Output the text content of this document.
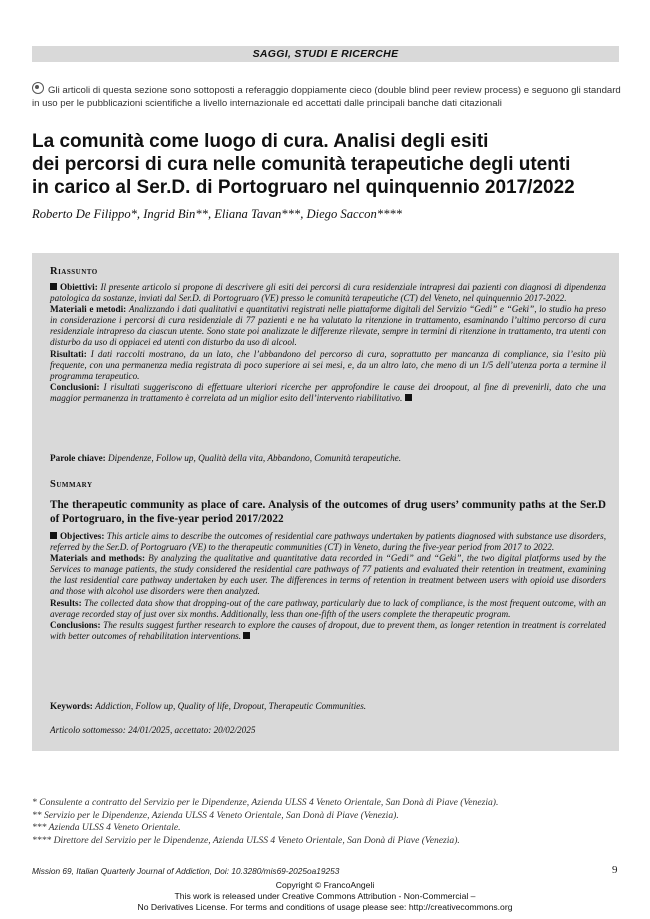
SAGGI, STUDI E RICERCHE
Gli articoli di questa sezione sono sottoposti a referaggio doppiamente cieco (double blind peer review process) e seguono gli standard in uso per le pubblicazioni scientifiche a livello internazionale ed accettati dalle principali banche dati citazionali
La comunità come luogo di cura. Analisi degli esiti
dei percorsi di cura nelle comunità terapeutiche degli utenti
in carico al Ser.D. di Portogruaro nel quinquennio 2017/2022
Roberto De Filippo*, Ingrid Bin**, Eliana Tavan***, Diego Saccon****
Riassunto
Obiettivi: Il presente articolo si propone di descrivere gli esiti dei percorsi di cura residenziale intrapresi dai pazienti con diagnosi di dipendenza patologica da sostanze, inviati dal Ser.D. di Portogruaro (VE) presso le comunità terapeutiche (CT) del Veneto, nel quinquennio 2017-2022.
Materiali e metodi: Analizzando i dati qualitativi e quantitativi registrati nelle piattaforme digitali del Servizio “Gedi” e “Geki”, lo studio ha preso in considerazione i percorsi di cura residenziale di 77 pazienti e ne ha valutato la ritenzione in trattamento, esaminando l’ultimo percorso di cura residenziale intrapreso da ciascun utente. Sono state poi analizzate le differenze rilevate, sempre in termini di ritenzione in trattamento, tra utenti con disturbo da uso di oppiacei ed utenti con disturbo da uso di alcool.
Risultati: I dati raccolti mostrano, da un lato, che l’abbandono del percorso di cura, soprattutto per mancanza di compliance, sia l’esito più frequente, con una permanenza media registrata di poco superiore ai sei mesi, e, da un altro lato, che meno di un 1/5 dell’utenza porta a termine il programma terapeutico.
Conclusioni: I risultati suggeriscono di effettuare ulteriori ricerche per approfondire le cause dei droopout, al fine di prevenirli, dato che una maggior permanenza in trattamento è correlata ad un miglior esito dell’intervento riabilitativo.
Parole chiave: Dipendenze, Follow up, Qualità della vita, Abbandono, Comunità terapeutiche.
Summary
The therapeutic community as place of care. Analysis of the outcomes of drug users’ community paths at the Ser.D of Portogruaro, in the five-year period 2017/2022
Objectives: This article aims to describe the outcomes of residential care pathways undertaken by patients diagnosed with substance use disorders, referred by the Ser.D. of Portogruaro (VE) to the therapeutic communities (CT) in Veneto, during the five-year period from 2017 to 2022.
Materials and methods: By analyzing the qualitative and quantitative data recorded in “Gedi” and “Geki”, the two digital platforms used by the Services to manage patients, the study considered the residential care pathways of 77 patients and evaluated their retention in treatment, examining the last residential care pathway undertaken by each user. The differences in terms of retention in treatment between users with opioid use disorders and those with alcohol use disorders were then analyzed.
Results: The collected data show that dropping-out of the care pathway, particularly due to lack of compliance, is the most frequent outcome, with an average recorded stay of just over six months. Additionally, less than one-fifth of the users complete the therapeutic program.
Conclusions: The results suggest further research to explore the causes of dropout, due to prevent them, as longer retention in treatment is correlated with better outcomes of rehabilitation interventions.
Keywords: Addiction, Follow up, Quality of life, Dropout, Therapeutic Communities.
Articolo sottomesso: 24/01/2025, accettato: 20/02/2025
* Consulente a contratto del Servizio per le Dipendenze, Azienda ULSS 4 Veneto Orientale, San Donà di Piave (Venezia).
** Servizio per le Dipendenze, Azienda ULSS 4 Veneto Orientale, San Donà di Piave (Venezia).
*** Azienda ULSS 4 Veneto Orientale.
**** Direttore del Servizio per le Dipendenze, Azienda ULSS 4 Veneto Orientale, San Donà di Piave (Venezia).
Mission 69, Italian Quarterly Journal of Addiction, Doi: 10.3280/mis69-2025oa19253	9
Copyright © FrancoAngeli
This work is released under Creative Commons Attribution - Non-Commercial –
No Derivatives License. For terms and conditions of usage please see: http://creativecommons.org
